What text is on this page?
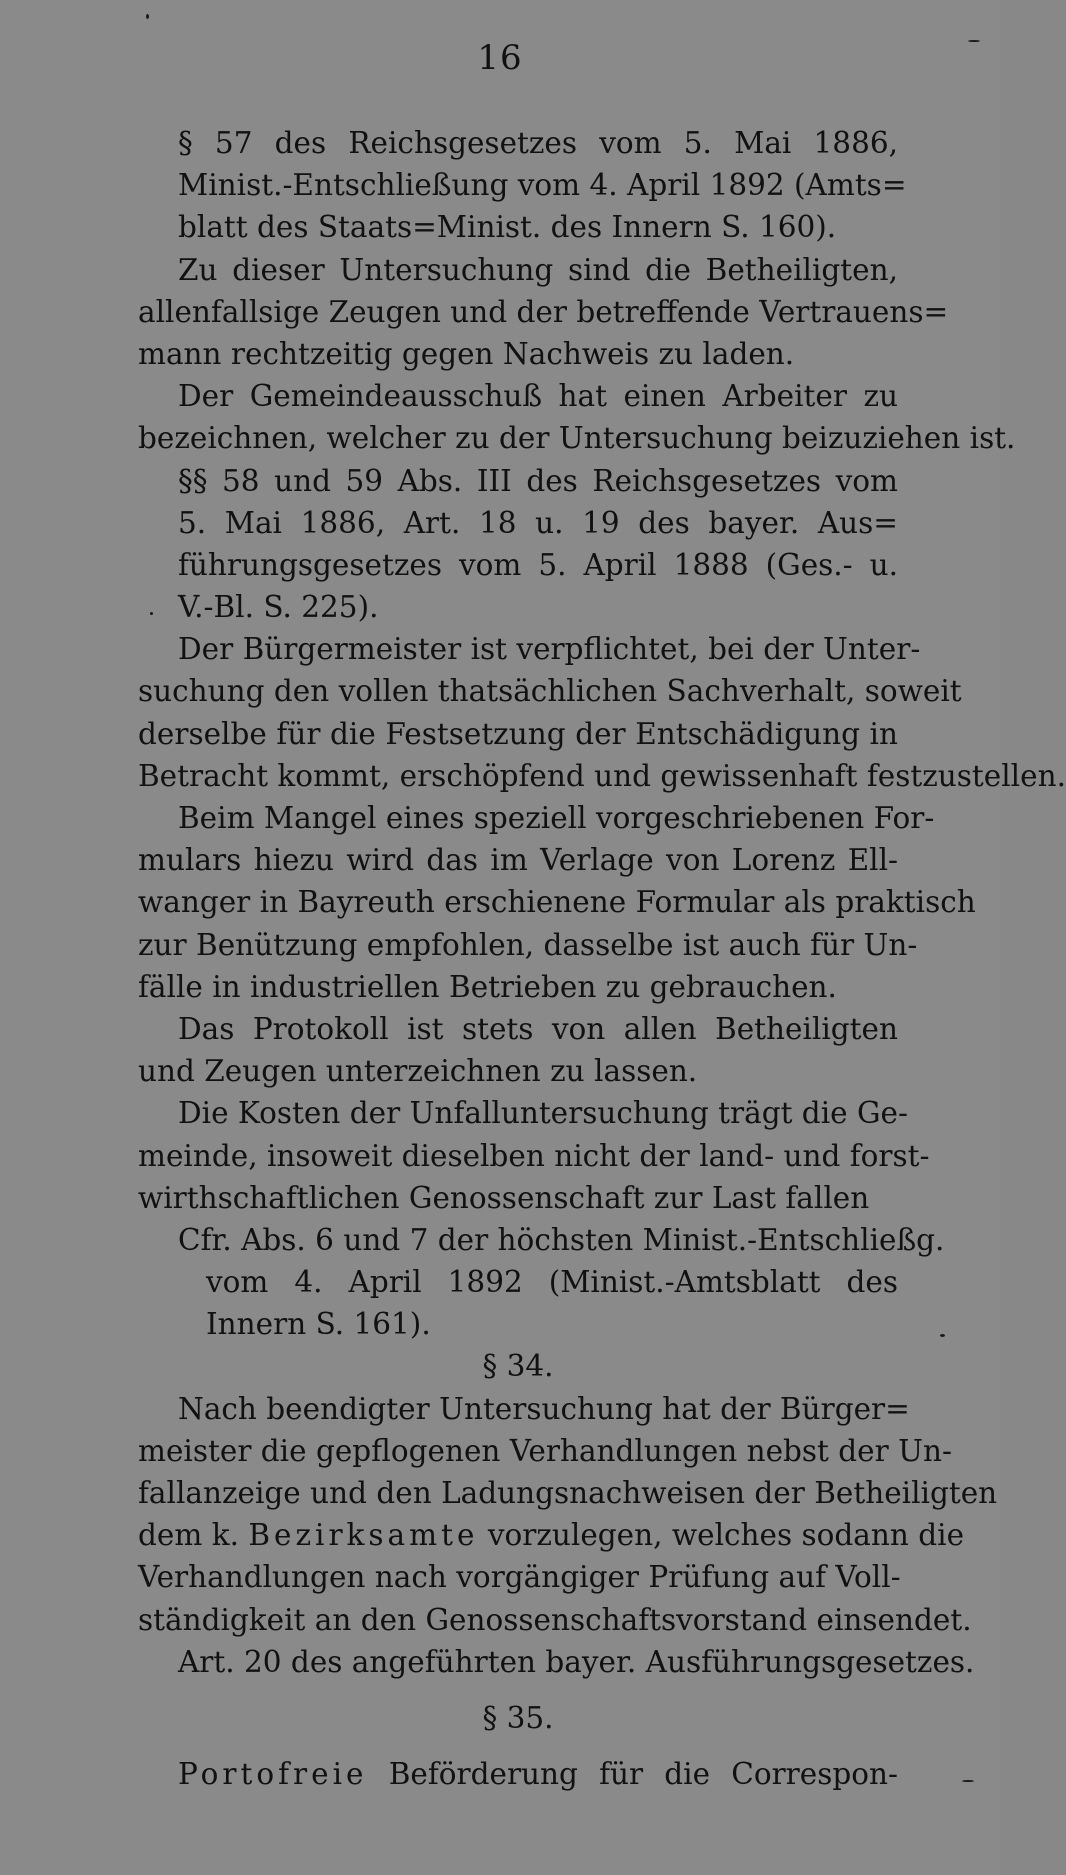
16
§ 57 des Reichsgesetzes vom 5. Mai 1886,
Minist.-Entschließung vom 4. April 1892 (Amts=
blatt des Staats=Minist. des Innern S. 160).
Zu dieser Untersuchung sind die Betheiligten,
allenfallsige Zeugen und der betreffende Vertrauens=
mann rechtzeitig gegen Nachweis zu laden.
Der Gemeindeausschuß hat einen Arbeiter zu
bezeichnen, welcher zu der Untersuchung beizuziehen ist.
§§ 58 und 59 Abs. III des Reichsgesetzes vom
5. Mai 1886, Art. 18 u. 19 des bayer. Aus=
führungsgesetzes vom 5. April 1888 (Ges.- u.
V.-Bl. S. 225).
Der Bürgermeister ist verpflichtet, bei der Unter-
suchung den vollen thatsächlichen Sachverhalt, soweit
derselbe für die Festsetzung der Entschädigung in
Betracht kommt, erschöpfend und gewissenhaft festzustellen.
Beim Mangel eines speziell vorgeschriebenen For-
mulars hiezu wird das im Verlage von Lorenz Ell-
wanger in Bayreuth erschienene Formular als praktisch
zur Benützung empfohlen, dasselbe ist auch für Un-
fälle in industriellen Betrieben zu gebrauchen.
Das Protokoll ist stets von allen Betheiligten
und Zeugen unterzeichnen zu lassen.
Die Kosten der Unfalluntersuchung trägt die Ge-
meinde, insoweit dieselben nicht der land- und forst-
wirthschaftlichen Genossenschaft zur Last fallen
Cfr. Abs. 6 und 7 der höchsten Minist.-Entschließg.
vom 4. April 1892 (Minist.-Amtsblatt des
Innern S. 161).
§ 34.
Nach beendigter Untersuchung hat der Bürger=
meister die gepflogenen Verhandlungen nebst der Un-
fallanzeige und den Ladungsnachweisen der Betheiligten
dem k. Bezirksamte vorzulegen, welches sodann die
Verhandlungen nach vorgängiger Prüfung auf Voll-
ständigkeit an den Genossenschaftsvorstand einsendet.
Art. 20 des angeführten bayer. Ausführungsgesetzes.
§ 35.
Portofreie Beförderung für die Correspon-
